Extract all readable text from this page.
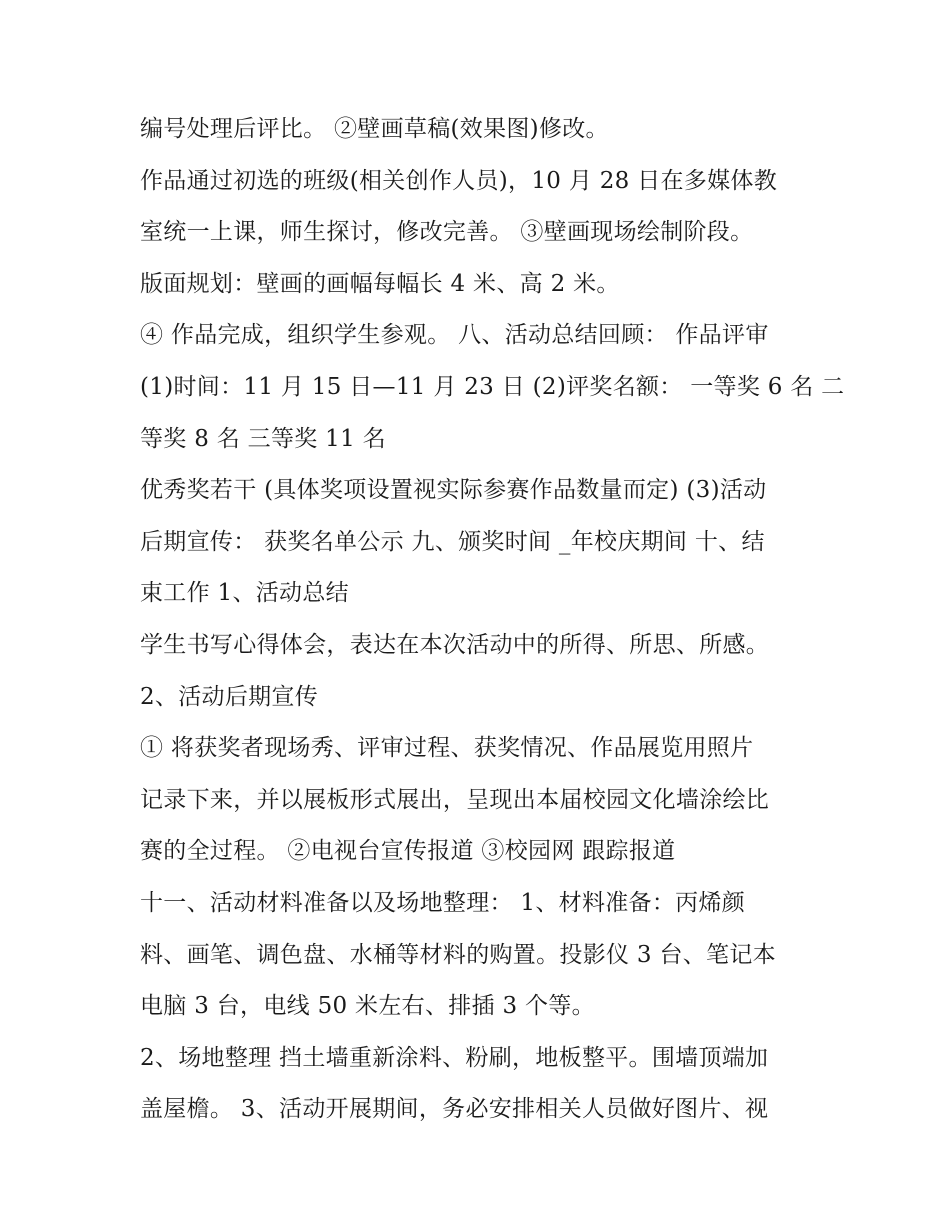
编号处理后评比。 ②壁画草稿(效果图)修改。
作品通过初选的班级(相关创作人员)，10 月 28 日在多媒体教
室统一上课，师生探讨，修改完善。 ③壁画现场绘制阶段。
版面规划：壁画的画幅每幅长 4 米、高 2 米。
④ 作品完成，组织学生参观。 八、活动总结回顾： 作品评审
(1)时间：11 月 15 日—11 月 23 日 (2)评奖名额： 一等奖 6 名 二
等奖 8 名 三等奖 11 名
优秀奖若干 (具体奖项设置视实际参赛作品数量而定) (3)活动
后期宣传： 获奖名单公示 九、颁奖时间 _年校庆期间 十、结
束工作 1、活动总结
学生书写心得体会，表达在本次活动中的所得、所思、所感。
2、活动后期宣传
① 将获奖者现场秀、评审过程、获奖情况、作品展览用照片
记录下来，并以展板形式展出，呈现出本届校园文化墙涂绘比
赛的全过程。 ②电视台宣传报道 ③校园网 跟踪报道
十一、活动材料准备以及场地整理： 1、材料准备：丙烯颜
料、画笔、调色盘、水桶等材料的购置。投影仪 3 台、笔记本
电脑 3 台，电线 50 米左右、排插 3 个等。
2、场地整理 挡土墙重新涂料、粉刷，地板整平。围墙顶端加
盖屋檐。 3、活动开展期间，务必安排相关人员做好图片、视
